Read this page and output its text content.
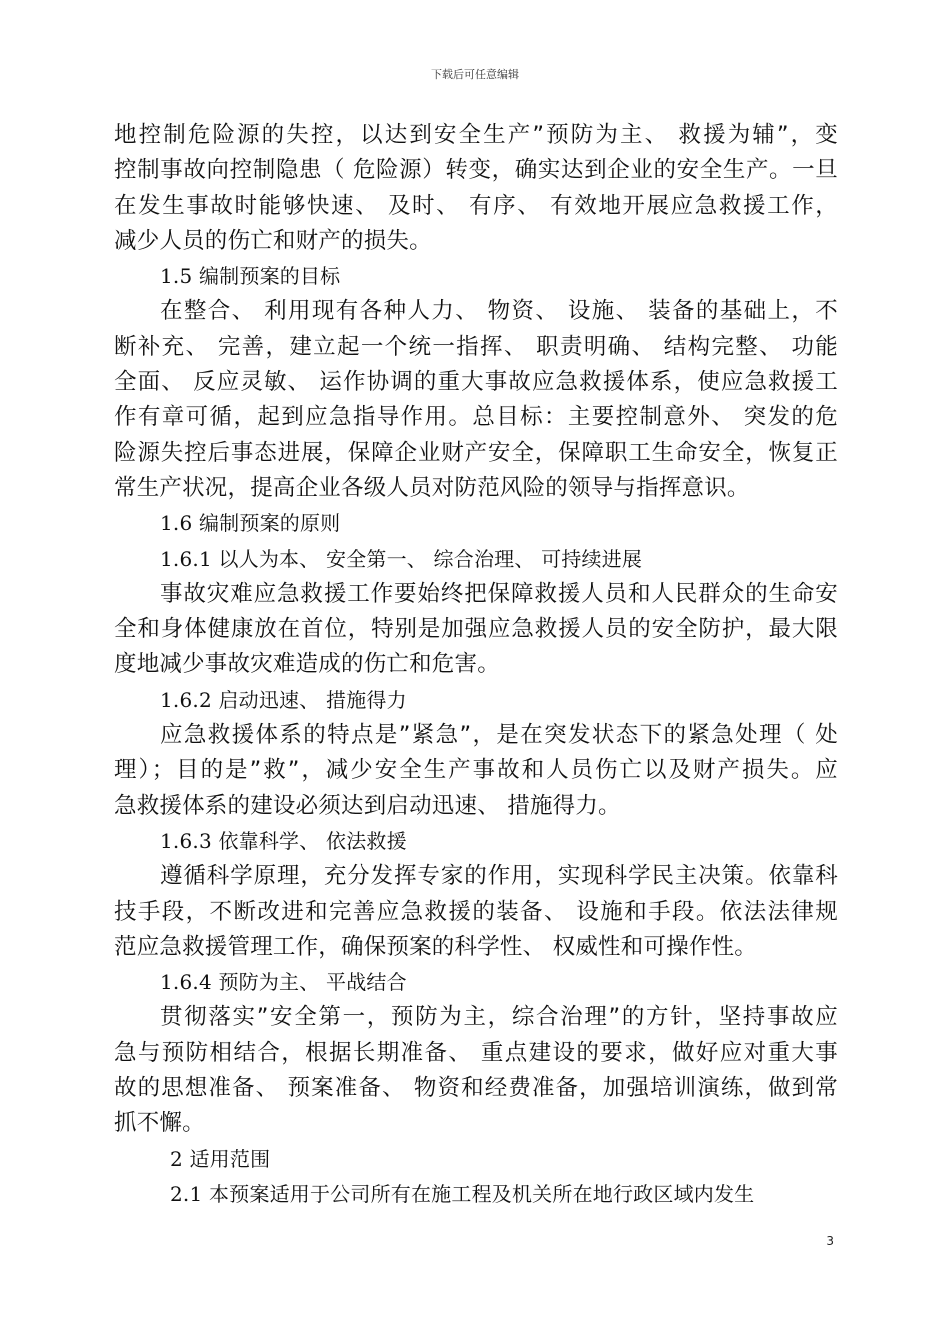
下载后可任意编辑
地控制危险源的失控，以达到安全生产”预防为主、 救援为辅”，变
控制事故向控制隐患（ 危险源）转变，确实达到企业的安全生产。一旦
在发生事故时能够快速、 及时、 有序、 有效地开展应急救援工作，
减少人员的伤亡和财产的损失。
1.5 编制预案的目标
在整合、 利用现有各种人力、 物资、 设施、 装备的基础上，不
断补充、 完善，建立起一个统一指挥、 职责明确、 结构完整、 功能
全面、 反应灵敏、 运作协调的重大事故应急救援体系，使应急救援工
作有章可循，起到应急指导作用。总目标：主要控制意外、 突发的危
险源失控后事态进展，保障企业财产安全，保障职工生命安全，恢复正
常生产状况，提高企业各级人员对防范风险的领导与指挥意识。
1.6 编制预案的原则
1.6.1 以人为本、 安全第一、 综合治理、 可持续进展
事故灾难应急救援工作要始终把保障救援人员和人民群众的生命安
全和身体健康放在首位，特别是加强应急救援人员的安全防护，最大限
度地减少事故灾难造成的伤亡和危害。
1.6.2 启动迅速、 措施得力
应急救援体系的特点是”紧急”，是在突发状态下的紧急处理（ 处
理）；目的是”救”，减少安全生产事故和人员伤亡以及财产损失。应
急救援体系的建设必须达到启动迅速、 措施得力。
1.6.3 依靠科学、 依法救援
遵循科学原理，充分发挥专家的作用，实现科学民主决策。依靠科
技手段，不断改进和完善应急救援的装备、 设施和手段。依法法律规
范应急救援管理工作，确保预案的科学性、 权威性和可操作性。
1.6.4 预防为主、 平战结合
贯彻落实”安全第一，预防为主，综合治理”的方针，坚持事故应
急与预防相结合，根据长期准备、 重点建设的要求，做好应对重大事
故的思想准备、 预案准备、 物资和经费准备，加强培训演练，做到常
抓不懈。
2 适用范围
2.1 本预案适用于公司所有在施工程及机关所在地行政区域内发生
3
